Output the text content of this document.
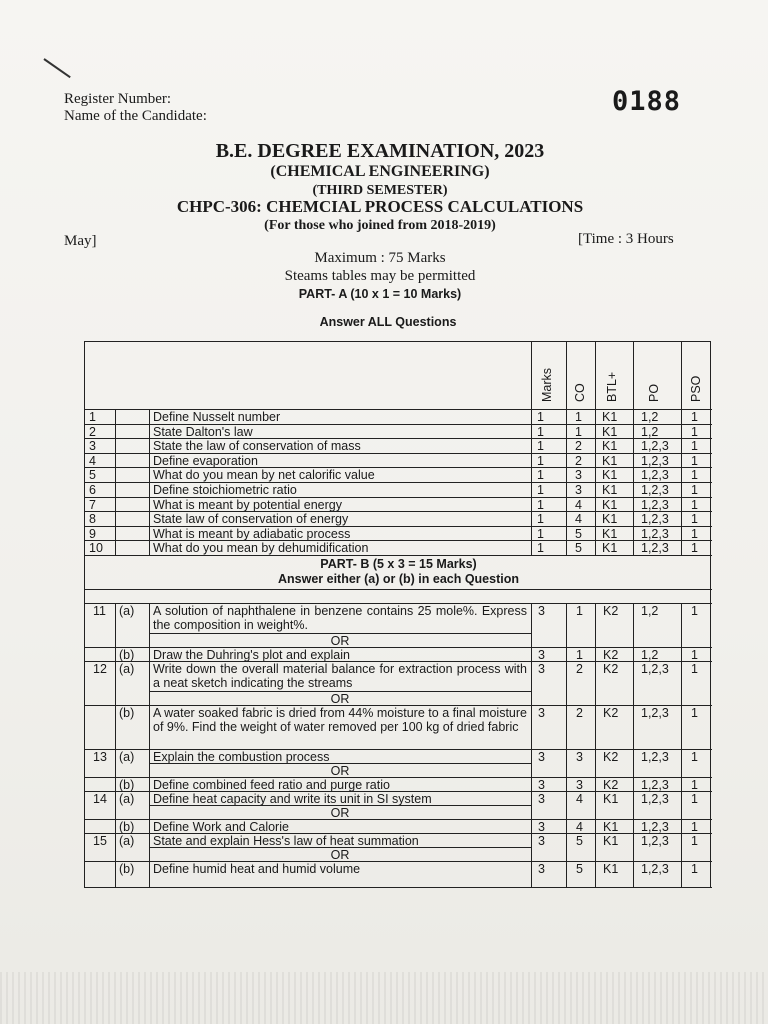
Register Number:
Name of the Candidate:	0188
B.E. DEGREE EXAMINATION, 2023
(CHEMICAL ENGINEERING)
(THIRD SEMESTER)
CHPC-306: CHEMCIAL PROCESS CALCULATIONS
(For those who joined from 2018-2019)
May]	[Time : 3 Hours
Maximum : 75 Marks
Steams tables may be permitted
PART- A (10 x 1 = 10 Marks)
Answer ALL Questions
Marks CO BTL+ PO PSO
1	Define Nusselt number	1 1 K1 1,2	1
2	State Dalton's law	1 1 K1 1,2	1
3	State the law of conservation of mass	1 2 K1 1,2,3 1
4	Define evaporation	1 2 K1 1,2,3 1
5	What do you mean by net calorific value	1 3 K1 1,2,3 1
6	Define stoichiometric ratio	1 3 K1 1,2,3 1
7	What is meant by potential energy	1 4 K1 1,2,3 1
8	State law of conservation of energy	1 4 K1 1,2,3 1
9	What is meant by adiabatic process	1 5 K1 1,2,3 1
10	What do you mean by dehumidification	1 5 K1 1,2,3 1
PART- B (5 x 3 = 15 Marks)
Answer either (a) or (b) in each Question
11 (a) A solution of naphthalene in benzene contains 25 mole%. Express the composition in weight%.
3 1 K2 1,2	1
OR
(b) Draw the Duhring's plot and explain	3 1 K2 1,2	1
12 (a) Write down the overall material balance for extraction process with a neat sketch indicating the streams
3 2 K2 1,2,3 1
OR
(b) A water soaked fabric is dried from 44% moisture to a final moisture of 9%. Find the weight of water removed per 100 kg of dried fabric
3 2 K2 1,2,3 1
13 (a) Explain the combustion process	3 3 K2 1,2,3 1
OR
(b) Define combined feed ratio and purge ratio	3 3 K2 1,2,3 1
14 (a) Define heat capacity and write its unit in SI system	3 4 K1 1,2,3 1
OR
(b) Define Work and Calorie	3 4 K1 1,2,3 1
15 (a) State and explain Hess's law of heat summation	3 5 K1 1,2,3 1
OR
(b) Define humid heat and humid volume	3 5 K1 1,2,3 1
